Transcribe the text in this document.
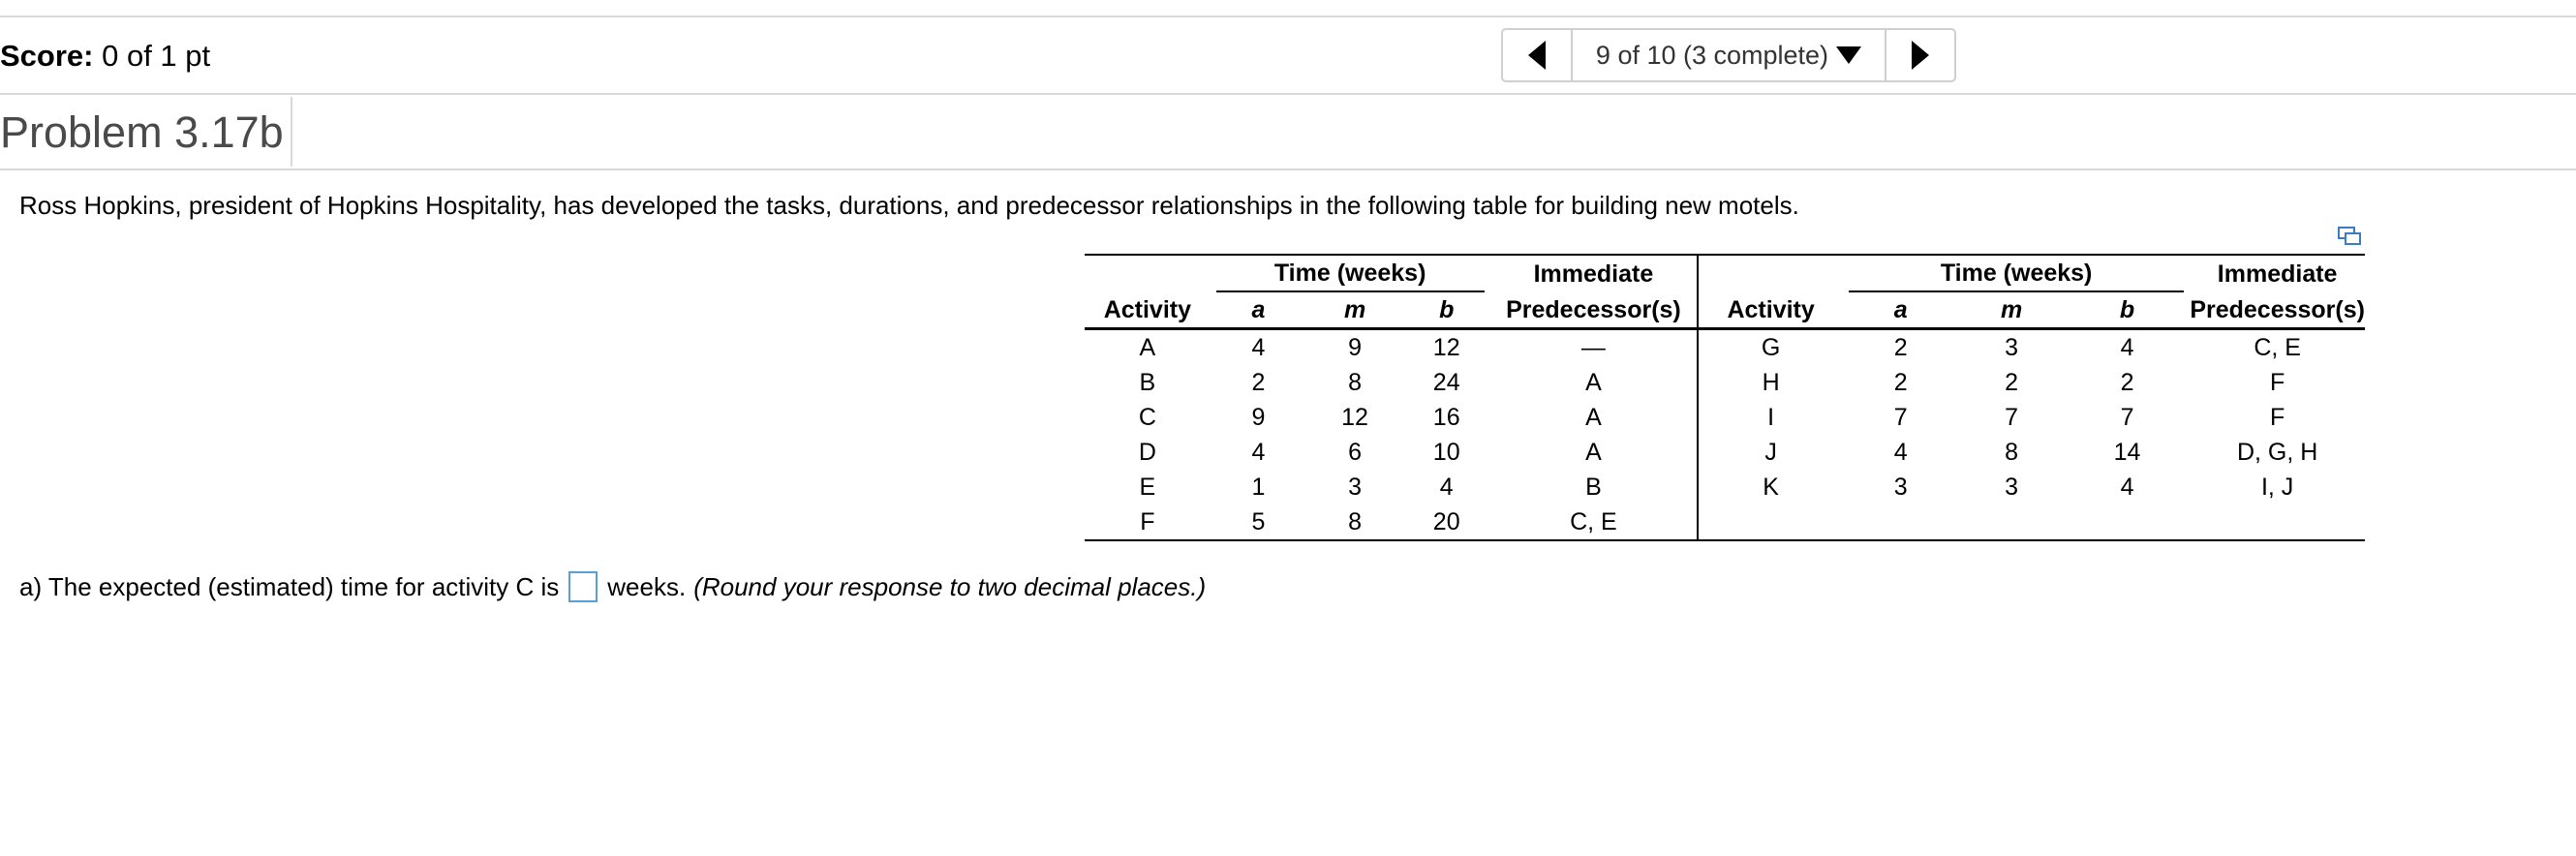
Score: 0 of 1 pt	9 of 10 (3 complete)
Problem 3.17b
Ross Hopkins, president of Hopkins Hospitality, has developed the tasks, durations, and predecessor relationships in the following table for building new motels.

	Time (weeks)			Immediate		Time (weeks)			Immediate
Activity	a	m	b	Predecessor(s)	Activity	a	m	b	Predecessor(s)
A	4	9	12	—	G	2	3	4	C, E
B	2	8	24	A	H	2	2	2	F
C	9	12	16	A	I	7	7	7	F
D	4	6	10	A	J	4	8	14	D, G, H
E	1	3	4	B	K	3	3	4	I, J
F	5	8	20	C, E					
a) The expected (estimated) time for activity C is weeks. (Round your response to two decimal places.)
